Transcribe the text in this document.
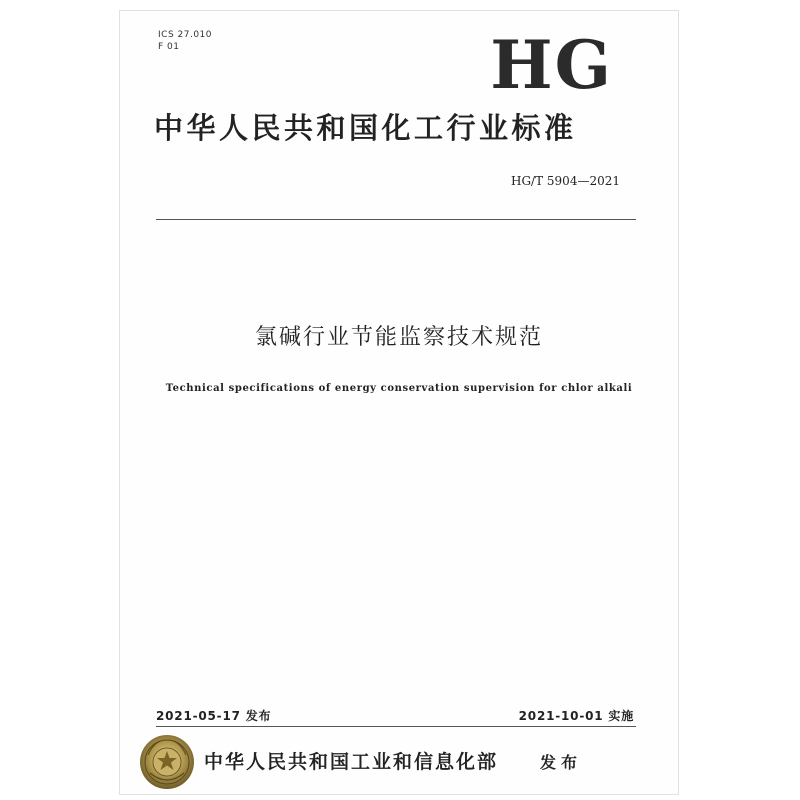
ICS 27.010
F 01	HG
中华人民共和国化工行业标准
HG/T 5904—2021
氯碱行业节能监察技术规范
Technical specifications of energy conservation supervision for chlor alkali
2021-05-17 发布	2021-10-01 实施
中华人民共和国工业和信息化部	发布
